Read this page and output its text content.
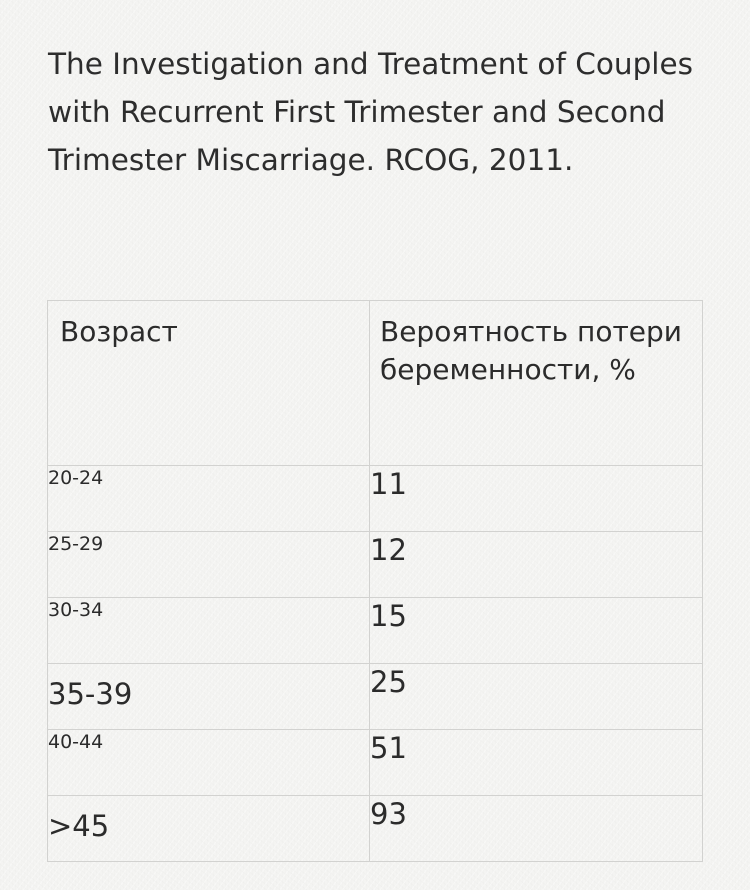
The Investigation and Treatment of Couples with Recurrent First Trimester and Second Trimester Miscarriage. RCOG, 2011.

Возраст	Вероятность потери беременности, %
20-24	11
25-29	12
30-34	15
35-39	25
40-44	51
>45	93
